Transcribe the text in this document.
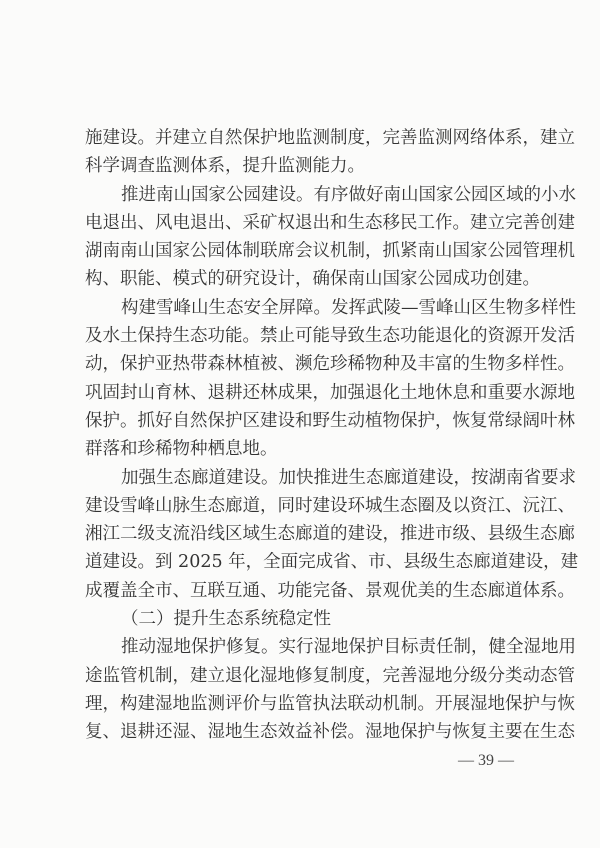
施建设。并建立自然保护地监测制度，完善监测网络体系，建立
科学调查监测体系，提升监测能力。
推进南山国家公园建设。有序做好南山国家公园区域的小水
电退出、风电退出、采矿权退出和生态移民工作。建立完善创建
湖南南山国家公园体制联席会议机制，抓紧南山国家公园管理机
构、职能、模式的研究设计，确保南山国家公园成功创建。
构建雪峰山生态安全屏障。发挥武陵—雪峰山区生物多样性
及水土保持生态功能。禁止可能导致生态功能退化的资源开发活
动，保护亚热带森林植被、濒危珍稀物种及丰富的生物多样性。
巩固封山育林、退耕还林成果，加强退化土地休息和重要水源地
保护。抓好自然保护区建设和野生动植物保护，恢复常绿阔叶林
群落和珍稀物种栖息地。
加强生态廊道建设。加快推进生态廊道建设，按湖南省要求
建设雪峰山脉生态廊道，同时建设环城生态圈及以资江、沅江、
湘江二级支流沿线区域生态廊道的建设，推进市级、县级生态廊
道建设。到 2025 年，全面完成省、市、县级生态廊道建设，建
成覆盖全市、互联互通、功能完备、景观优美的生态廊道体系。
（二）提升生态系统稳定性
推动湿地保护修复。实行湿地保护目标责任制，健全湿地用
途监管机制，建立退化湿地修复制度，完善湿地分级分类动态管
理，构建湿地监测评价与监管执法联动机制。开展湿地保护与恢
复、退耕还湿、湿地生态效益补偿。湿地保护与恢复主要在生态
— 39 —
